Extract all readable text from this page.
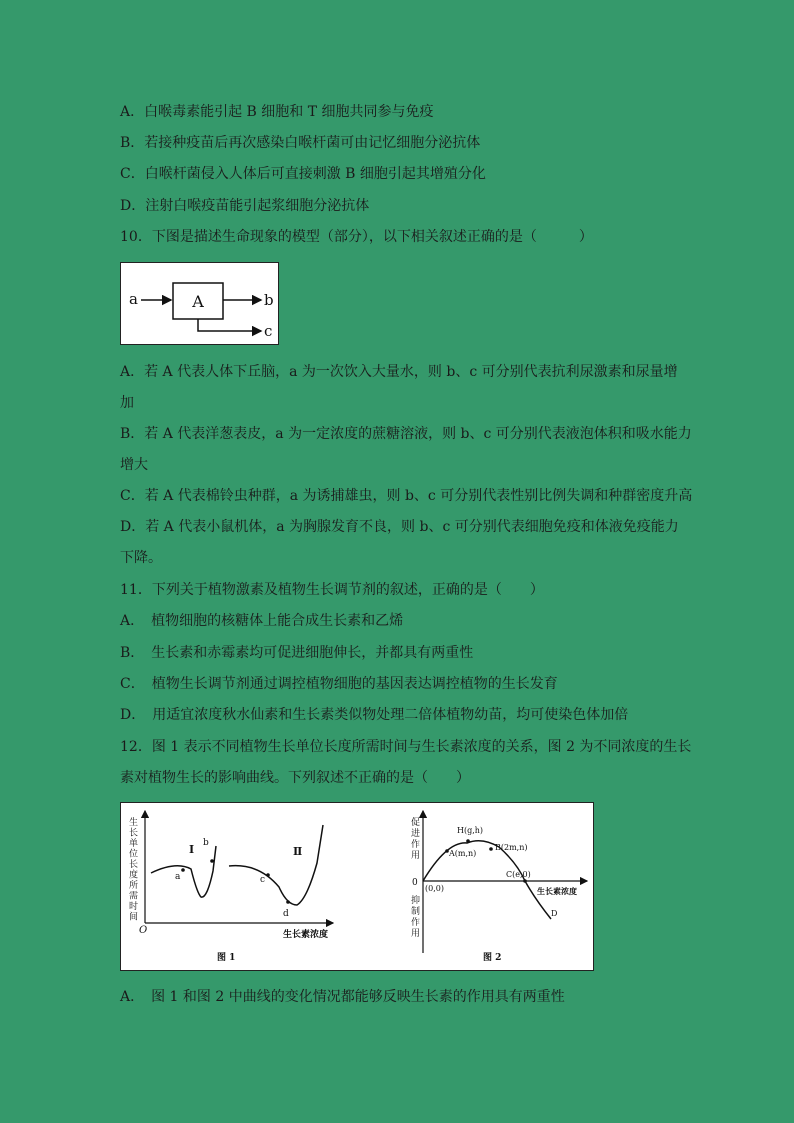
A．白喉毒素能引起 B 细胞和 T 细胞共同参与免疫
B．若接种疫苗后再次感染白喉杆菌可由记忆细胞分泌抗体
C．白喉杆菌侵入人体后可直接刺激 B 细胞引起其增殖分化
D．注射白喉疫苗能引起浆细胞分泌抗体
10．下图是描述生命现象的模型（部分），以下相关叙述正确的是（　　　）
a	A	b
c
A．若 A 代表人体下丘脑，a 为一次饮入大量水，则 b、c 可分别代表抗利尿激素和尿量增
加
B．若 A 代表洋葱表皮，a 为一定浓度的蔗糖溶液，则 b、c 可分别代表液泡体积和吸水能力
增大
C．若 A 代表棉铃虫种群，a 为诱捕雄虫，则 b、c 可分别代表性别比例失调和种群密度升高
D．若 A 代表小鼠机体，a 为胸腺发育不良，则 b、c 可分别代表细胞免疫和体液免疫能力
下降。
11．下列关于植物激素及植物生长调节剂的叙述，正确的是（　　）
A．　植物细胞的核糖体上能合成生长素和乙烯
B．　生长素和赤霉素均可促进细胞伸长，并都具有两重性
C．　植物生长调节剂通过调控植物细胞的基因表达调控植物的生长发育
D．　用适宜浓度秋水仙素和生长素类似物处理二倍体植物幼苗，均可使染色体加倍
12．图 1 表示不同植物生长单位长度所需时间与生长素浓度的关系，图 2 为不同浓度的生长
素对植物生长的影响曲线。下列叙述不正确的是（　　）
生长单位长度所需时间
O	生长素浓度
a
b
Ⅰ
c
d
Ⅱ
图 1
促进作用
抑制作用
0
(0,0)	生长素浓度
H(g,h)
A(m,n)
B(2m,n)
C(e,0)
D
图 2
A．　图 1 和图 2 中曲线的变化情况都能够反映生长素的作用具有两重性
